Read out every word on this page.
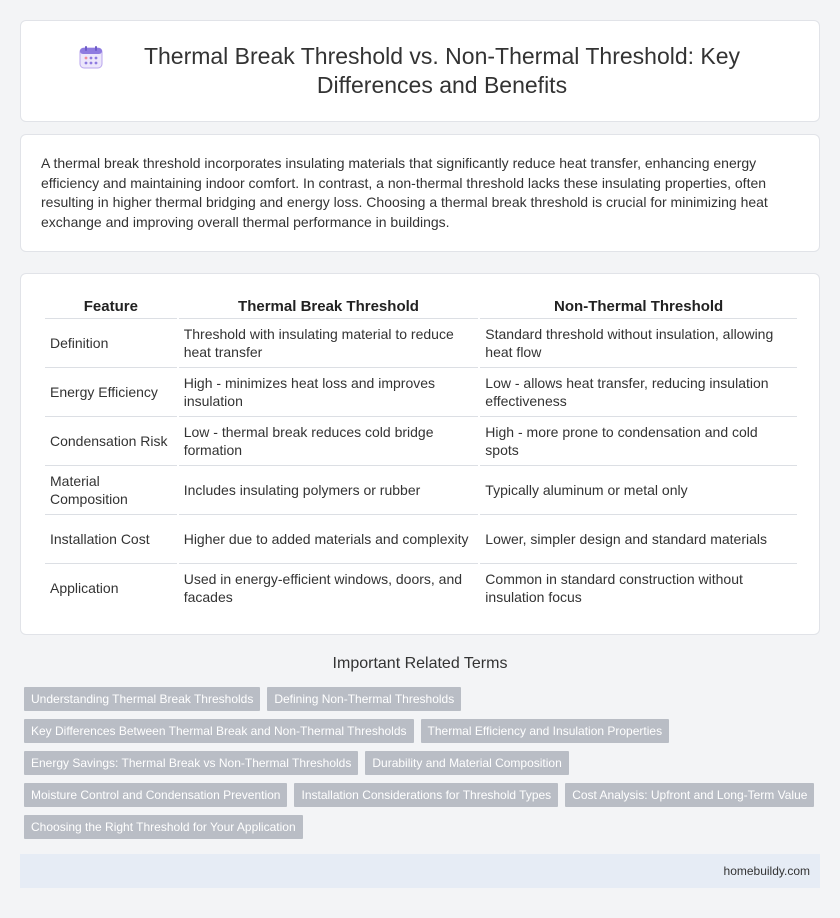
Thermal Break Threshold vs. Non-Thermal Threshold: Key Differences and Benefits

A thermal break threshold incorporates insulating materials that significantly reduce heat transfer, enhancing energy efficiency and maintaining indoor comfort. In contrast, a non-thermal threshold lacks these insulating properties, often resulting in higher thermal bridging and energy loss. Choosing a thermal break threshold is crucial for minimizing heat exchange and improving overall thermal performance in buildings.

Feature	Thermal Break Threshold	Non-Thermal Threshold
Definition	Threshold with insulating material to reduce heat transfer	Standard threshold without insulation, allowing heat flow
Energy Efficiency	High - minimizes heat loss and improves insulation	Low - allows heat transfer, reducing insulation effectiveness
Condensation Risk	Low - thermal break reduces cold bridge formation	High - more prone to condensation and cold spots
Material Composition	Includes insulating polymers or rubber	Typically aluminum or metal only
Installation Cost	Higher due to added materials and complexity	Lower, simpler design and standard materials
Application	Used in energy-efficient windows, doors, and facades	Common in standard construction without insulation focus
Important Related Terms
Understanding Thermal Break Thresholds	Defining Non-Thermal Thresholds
Key Differences Between Thermal Break and Non-Thermal Thresholds	Thermal Efficiency and Insulation Properties
Energy Savings: Thermal Break vs Non-Thermal Thresholds	Durability and Material Composition
Moisture Control and Condensation Prevention	Installation Considerations for Threshold Types	Cost Analysis: Upfront and Long-Term Value
Choosing the Right Threshold for Your Application
homebuildy.com
